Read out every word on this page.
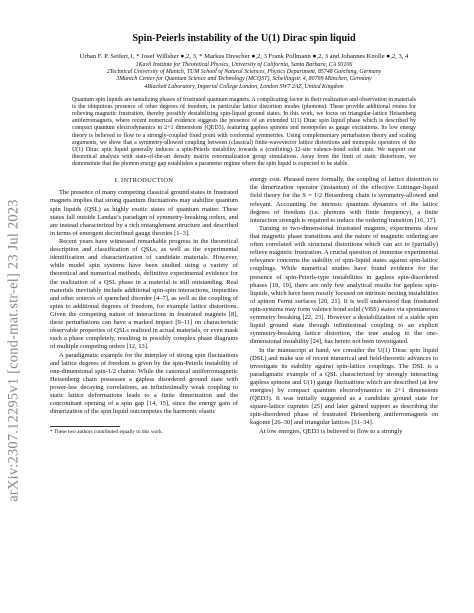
arXiv:2307.12295v1 [cond-mat.str-el] 23 Jul 2023
Spin-Peierls instability of the U(1) Dirac spin liquid
Urban F. P. Seifert,1, * Josef Willsher ●,2, 3, * Markus Drescher ●,2, 3 Frank Pollmann ●,2, 3 and Johannes Knolle ●,2, 3, 4
1Kavli Institute for Theoretical Physics, University of California, Santa Barbara, CA 93106
2Technical University of Munich, TUM School of Natural Sciences, Physics Department, 85748 Garching, Germany
3Munich Center for Quantum Science and Technology (MCQST), Schellingstr. 4, 80799 München, Germany
4Blackett Laboratory, Imperial College London, London SW7 2AZ, United Kingdom
Quantum spin liquids are tantalizing phases of frustrated quantum magnets. A complicating factor in their realization and observation in materials is the ubiquitous presence of other degrees of freedom, in particular lattice distortion modes (phonons). These provide additional routes for relieving magnetic frustration, thereby possibly destabilizing spin-liquid ground states. In this work, we focus on triangular-lattice Heisenberg antiferromagnets, where recent numerical evidence suggests the presence of an extended U(1) Dirac spin liquid phase which is described by compact quantum electrodynamics in 2+1 dimensions (QED3), featuring gapless spinons and monopoles as gauge excitations. Its low energy theory is believed to flow to a strongly-coupled fixed point with conformal symmetries. Using complementary perturbation theory and scaling arguments, we show that a symmetry-allowed coupling between (classical) finite-wavevector lattice distortions and monopole operators of the U(1) Dirac spin liquid generally induces a spin-Peierls instability towards a (confining) 12-site valence-bond solid state. We support our theoretical analysis with state-of-the-art density matrix renormalization group simulations. Away from the limit of static distortions, we demonstrate that the phonon energy gap establishes a parameter regime where the spin liquid is expected to be stable.
I. INTRODUCTION

The presence of many competing classical ground states in frustrated magnets implies that strong quantum fluctuations may stabilize quantum spin liquids (QSL) as highly exotic states of quantum matter. These states fall outside Landau’s paradigm of symmetry-breaking orders, and are instead characterized by a rich entanglement structure and described in terms of emergent deconfined gauge theories [1–3].

Recent years have witnessed remarkable progress in the theoretical description and classification of QSLs, as well as the experimental identification and characterization of candidate materials. However, while model spin systems have been studied using a variety of theoretical and numerical methods, definitive experimental evidence for the realization of a QSL phase in a material is still outstanding. Real materials inevitably include additional spin-spin interactions, impurities and other sources of quenched disorder [4–7], as well as the coupling of spins to additional degrees of freedom, for example lattice distortions. Given the competing nature of interactions in frustrated magnets [8], these perturbations can have a marked impact [9–11] on characteristic observable properties of QSLs realized in actual materials, or even mask such a phase completely, resulting in possibly complex phase diagrams of multiple competing orders [12, 13].

A paradigmatic example for the interplay of strong spin fluctuations and lattice degrees of freedom is given by the spin-Peierls instability of one-dimensional spin-1/2 chains: While the canonical antiferromagnetic Heisenberg chain possesses a gapless disordered ground state with power-law decaying correlations, an infinitesimally weak coupling to static lattice deformations leads to a finite dimerization and the concomitant opening of a spin gap [14, 15], since the energy gain of dimerization of the spin liquid outcompetes the harmonic elastic

* These two authors contributed equally to this work.

energy cost. Phrased more formally, the coupling of lattice distortion to the dimerization operator (instanton) of the effective Luttinger-liquid field theory for the S = 1/2 Heisenberg chain is symmetry-allowed and relevant. Accounting for intrinsic quantum dynamics of the lattice degrees of freedom (i.e. phonons with finite frequency), a finite interaction strength is required to induce the ordering transition [16, 17].

Turning to two-dimensional frustrated magnets, experiments show that magnetic phase transitions and the nature of magnetic ordering are often correlated with structural distortions which can act to (partially) relieve magnetic frustration. A crucial question of immense experimental relevance concerns the stability of spin-liquid states against spin-lattice couplings. While numerical studies have found evidence for the presence of spin-Peierls-type instabilities in gapless spin-disordered phases [18, 19], there are only few analytical results for gapless spin-liquids, which have been mostly focused on intrinsic nesting instabilities of spinon Fermi surfaces [20, 21]. It is well understood that frustrated spin-systems may form valence bond solid (VBS) states via spontaneous symmetry breaking [22, 23]. However a destabilization of a stable spin liquid ground state through infinitesimal coupling to an explicit symmetry-breaking lattice distortion, the true analog to the one-dimensional instability [24], has hereto not been investigated.

In the manuscript at hand, we consider the U(1) Dirac spin liquid (DSL) and make use of recent numerical and field-theoretic advances to investigate its stability against spin-lattice couplings. The DSL is a paradigmatic example of a QSL characterized by strongly interacting gapless spinons and U(1) gauge fluctuations which are described (at low energies) by compact quantum electrodynamics in 2+1 dimensions (QED3). It was initially suggested as a candidate ground state for square-lattice cuprates [25] and later gained support as describing the spin-disordered phase of frustrated Heisenberg antiferromagnets on kagome [26–30] and triangular lattices [31–34].

At low energies, QED3 is believed to flow to a strongly
